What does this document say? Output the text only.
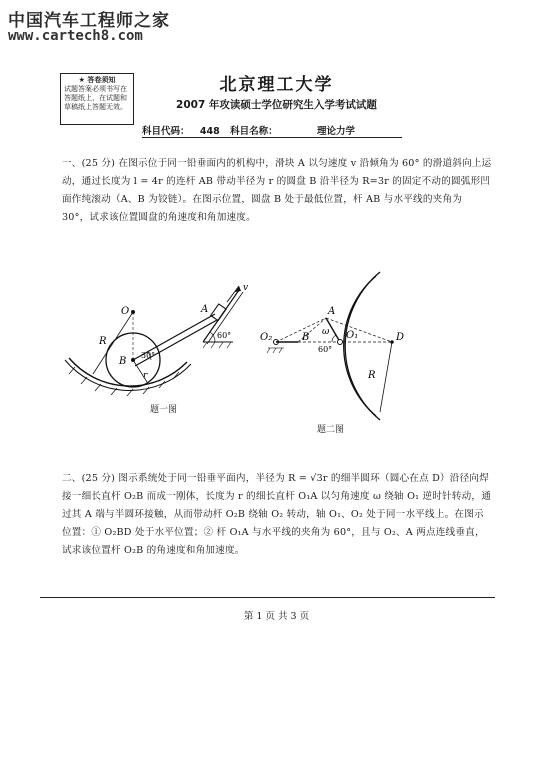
中国汽车工程师之家
www.cartech8.com
★ 答卷须知
试题答案必须书写在答题纸上，在试题和草稿纸上答题无效。
北京理工大学
2007 年攻读硕士学位研究生入学考试试题
科目代码： 448 科目名称：	理论力学
一、(25 分) 在图示位于同一铅垂面内的机构中，滑块 A 以匀速度 v 沿倾角为 60° 的滑道斜向上运动，通过长度为 l = 4r 的连杆 AB 带动半径为 r 的圆盘 B 沿半径为 R=3r 的固定不动的圆弧形凹面作纯滚动（A、B 为铰链）。在图示位置，圆盘 B 处于最低位置，杆 AB 与水平线的夹角为 30°，试求该位置圆盘的角速度和角加速度。
O
R
B
r
30°
A
v
60°
题一图
O₂	B
A
ω O₁
60°
D
R
题二图
二、(25 分) 图示系统处于同一铅垂平面内，半径为 R = √3r 的细半圆环（圆心在点 D）沿径向焊接一细长直杆 O₂B 而成一刚体，长度为 r 的细长直杆 O₁A 以匀角速度 ω 绕轴 O₁ 逆时针转动，通过其 A 端与半圆环接触，从而带动杆 O₂B 绕轴 O₂ 转动，轴 O₁、O₂ 处于同一水平线上。在图示位置：① O₂BD 处于水平位置；② 杆 O₁A 与水平线的夹角为 60°，且与 O₂、A 两点连线垂直，试求该位置杆 O₂B 的角速度和角加速度。
第 1 页 共 3 页
